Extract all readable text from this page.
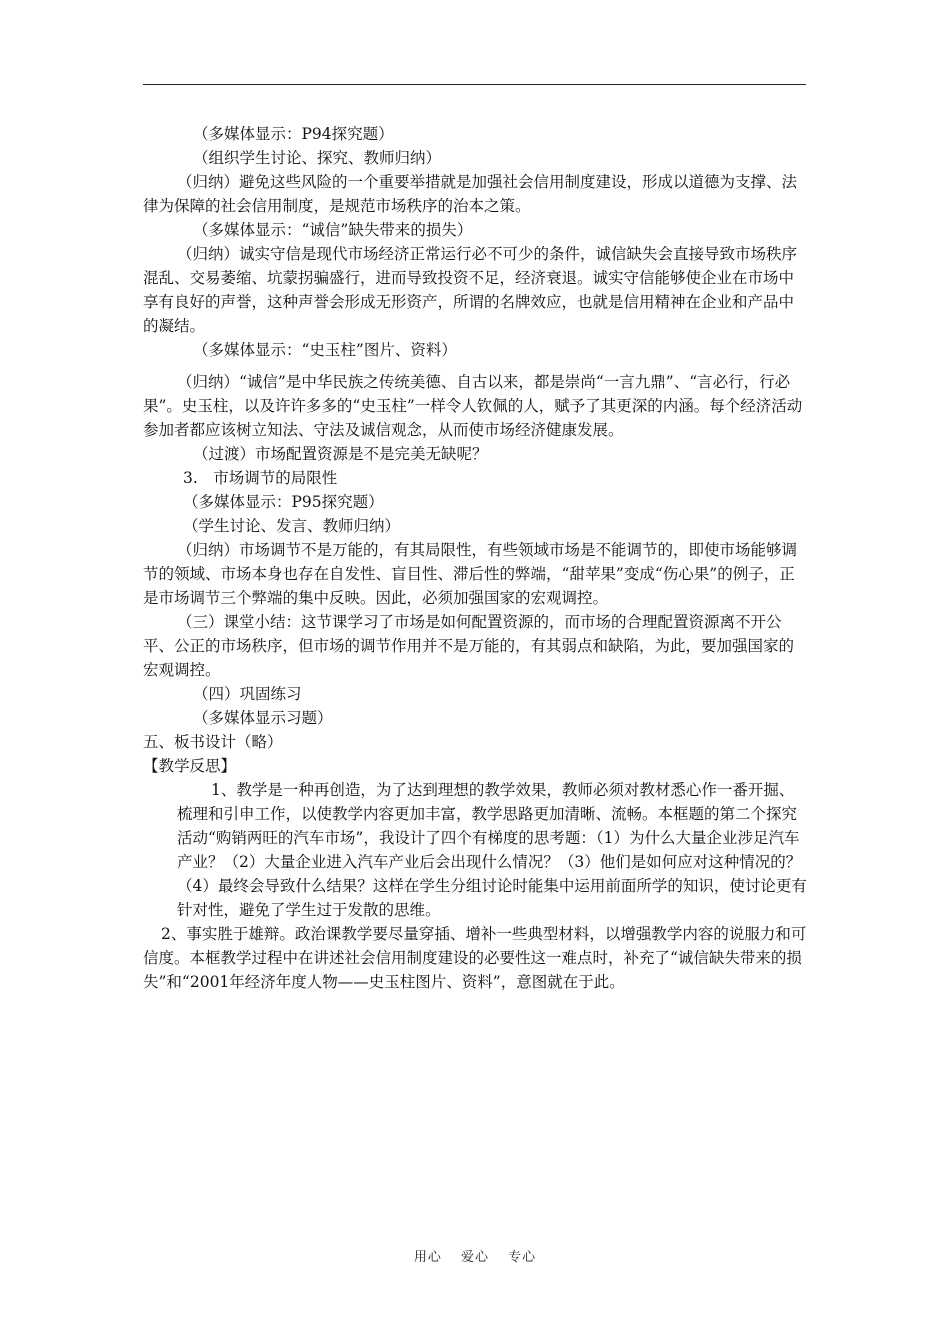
（多媒体显示：P94探究题）

（组织学生讨论、探究、教师归纳）

（归纳）避免这些风险的一个重要举措就是加强社会信用制度建设，形成以道德为支撑、法律为保障的社会信用制度，是规范市场秩序的治本之策。

（多媒体显示：“诚信”缺失带来的损失）

（归纳）诚实守信是现代市场经济正常运行必不可少的条件，诚信缺失会直接导致市场秩序混乱、交易萎缩、坑蒙拐骗盛行，进而导致投资不足，经济衰退。诚实守信能够使企业在市场中享有良好的声誉，这种声誉会形成无形资产，所谓的名牌效应，也就是信用精神在企业和产品中的凝结。

（多媒体显示：“史玉柱”图片、资料）

（归纳）“诚信”是中华民族之传统美德、自古以来，都是崇尚“一言九鼎”、“言必行，行必果”。史玉柱，以及许许多多的“史玉柱”一样令人钦佩的人，赋予了其更深的内涵。每个经济活动参加者都应该树立知法、守法及诚信观念，从而使市场经济健康发展。

（过渡）市场配置资源是不是完美无缺呢？

3.　市场调节的局限性

（多媒体显示：P95探究题）

（学生讨论、发言、教师归纳）

（归纳）市场调节不是万能的，有其局限性，有些领域市场是不能调节的，即使市场能够调节的领域、市场本身也存在自发性、盲目性、滞后性的弊端，“甜苹果”变成“伤心果”的例子，正是市场调节三个弊端的集中反映。因此，必须加强国家的宏观调控。

（三）课堂小结：这节课学习了市场是如何配置资源的，而市场的合理配置资源离不开公平、公正的市场秩序，但市场的调节作用并不是万能的，有其弱点和缺陷，为此，要加强国家的宏观调控。

（四）巩固练习

（多媒体显示习题）

五、板书设计（略）

【教学反思】

1、教学是一种再创造，为了达到理想的教学效果，教师必须对教材悉心作一番开掘、梳理和引申工作，以使教学内容更加丰富，教学思路更加清晰、流畅。本框题的第二个探究活动“购销两旺的汽车市场”，我设计了四个有梯度的思考题：（1）为什么大量企业涉足汽车产业？（2）大量企业进入汽车产业后会出现什么情况？（3）他们是如何应对这种情况的？（4）最终会导致什么结果？这样在学生分组讨论时能集中运用前面所学的知识，使讨论更有针对性，避免了学生过于发散的思维。

2、事实胜于雄辩。政治课教学要尽量穿插、增补一些典型材料，以增强教学内容的说服力和可信度。本框教学过程中在讲述社会信用制度建设的必要性这一难点时，补充了“诚信缺失带来的损失”和“2001年经济年度人物——史玉柱图片、资料”，意图就在于此。

用心 爱心 专心
